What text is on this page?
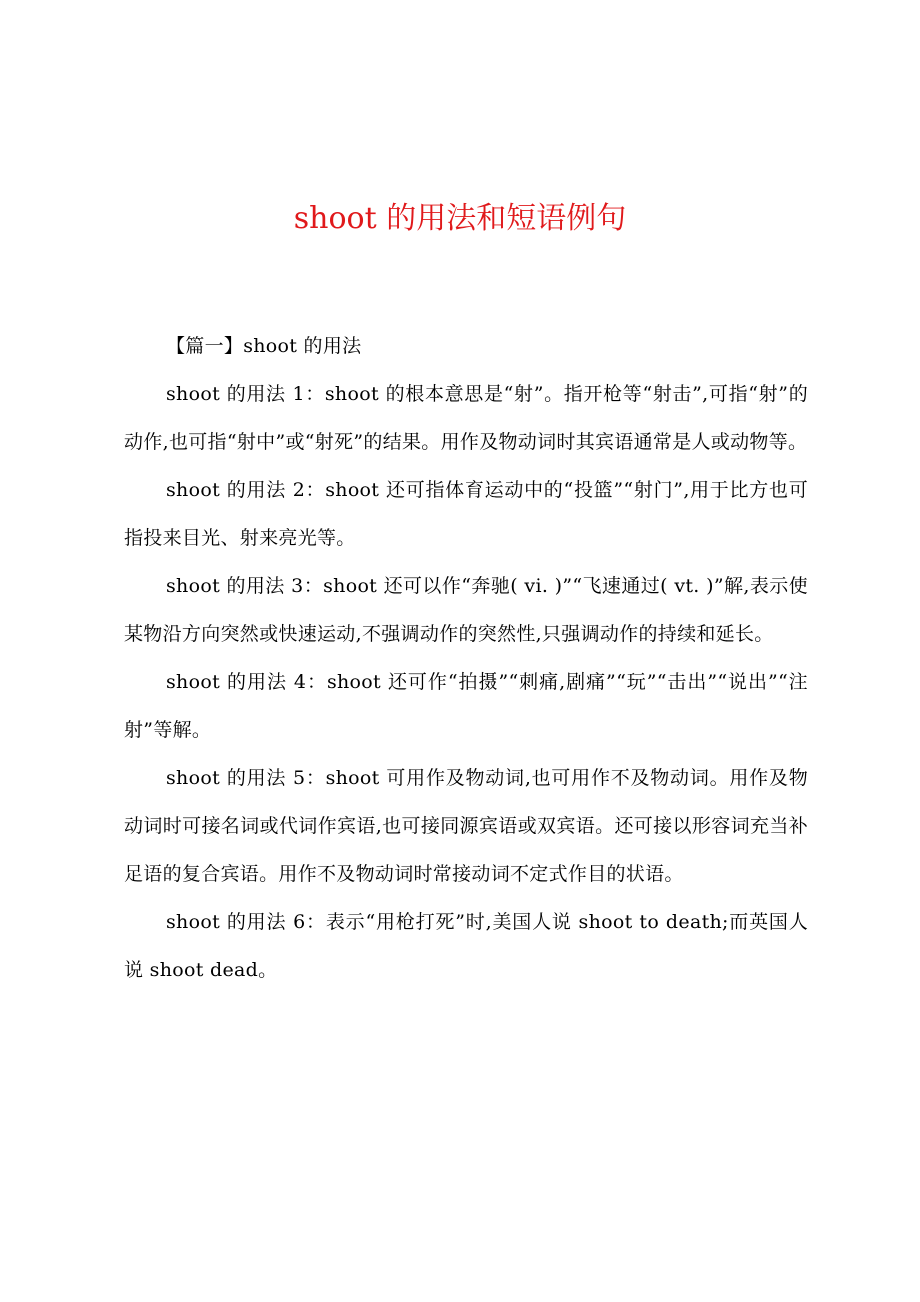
shoot 的用法和短语例句

【篇一】shoot 的用法

shoot 的用法 1：shoot 的根本意思是“射”。指开枪等“射击”,可指“射”的动作,也可指“射中”或“射死”的结果。用作及物动词时其宾语通常是人或动物等。

shoot 的用法 2：shoot 还可指体育运动中的“投篮”“射门”,用于比方也可指投来目光、射来亮光等。

shoot 的用法 3：shoot 还可以作“奔驰( vi. )”“飞速通过( vt. )”解,表示使某物沿方向突然或快速运动,不强调动作的突然性,只强调动作的持续和延长。

shoot 的用法 4：shoot 还可作“拍摄”“刺痛,剧痛”“玩”“击出”“说出”“注射”等解。

shoot 的用法 5：shoot 可用作及物动词,也可用作不及物动词。用作及物动词时可接名词或代词作宾语,也可接同源宾语或双宾语。还可接以形容词充当补足语的复合宾语。用作不及物动词时常接动词不定式作目的状语。

shoot 的用法 6：表示“用枪打死”时,美国人说 shoot to death;而英国人说 shoot dead。
